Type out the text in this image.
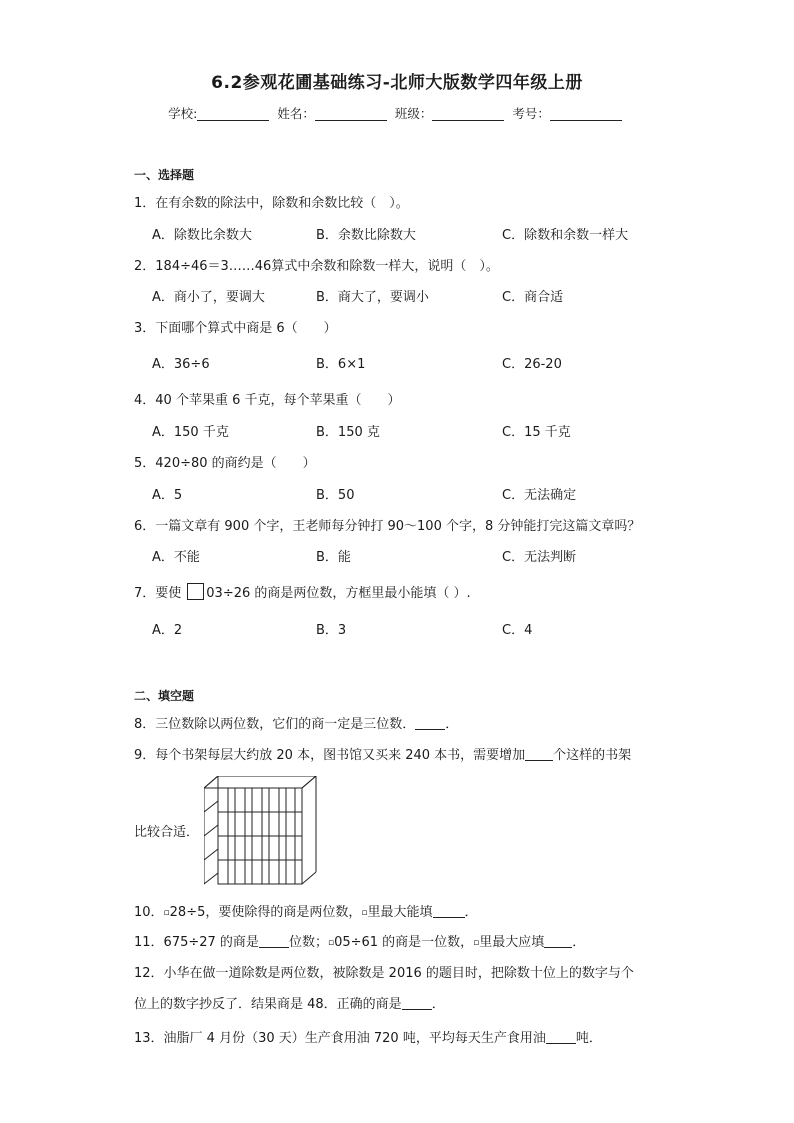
6.2参观花圃基础练习-北师大版数学四年级上册
学校:	姓名：	班级：	考号：
一、选择题
1．在有余数的除法中，除数和余数比较（　）。
A．除数比余数大	B．余数比除数大	C．除数和余数一样大
2．184÷46＝3……46算式中余数和除数一样大，说明（　）。
A．商小了，要调大	B．商大了，要调小	C．商合适
3．下面哪个算式中商是 6（　　）
A．36÷6	B．6×1	C．26-20
4．40 个苹果重 6 千克，每个苹果重（　　）
A．150 千克	B．150 克	C．15 千克
5．420÷80 的商约是（　　）
A．5	B．50	C．无法确定
6．一篇文章有 900 个字，王老师每分钟打 90～100 个字，8 分钟能打完这篇文章吗？
A．不能	B．能	C．无法判断
7．要使 03÷26 的商是两位数，方框里最小能填（ ）.
A．2	B．3	C．4
二、填空题
8．三位数除以两位数，它们的商一定是三位数． ．
9．每个书架每层大约放 20 本，图书馆又买来 240 本书，需要增加 个这样的书架
比较合适．
10．▫28÷5，要使除得的商是两位数，▫里最大能填 ．
11．675÷27 的商是 位数；▫05÷61 的商是一位数，▫里最大应填 ．
12．小华在做一道除数是两位数，被除数是 2016 的题目时，把除数十位上的数字与个
位上的数字抄反了．结果商是 48．正确的商是 ．
13．油脂厂 4 月份（30 天）生产食用油 720 吨，平均每天生产食用油 吨．
